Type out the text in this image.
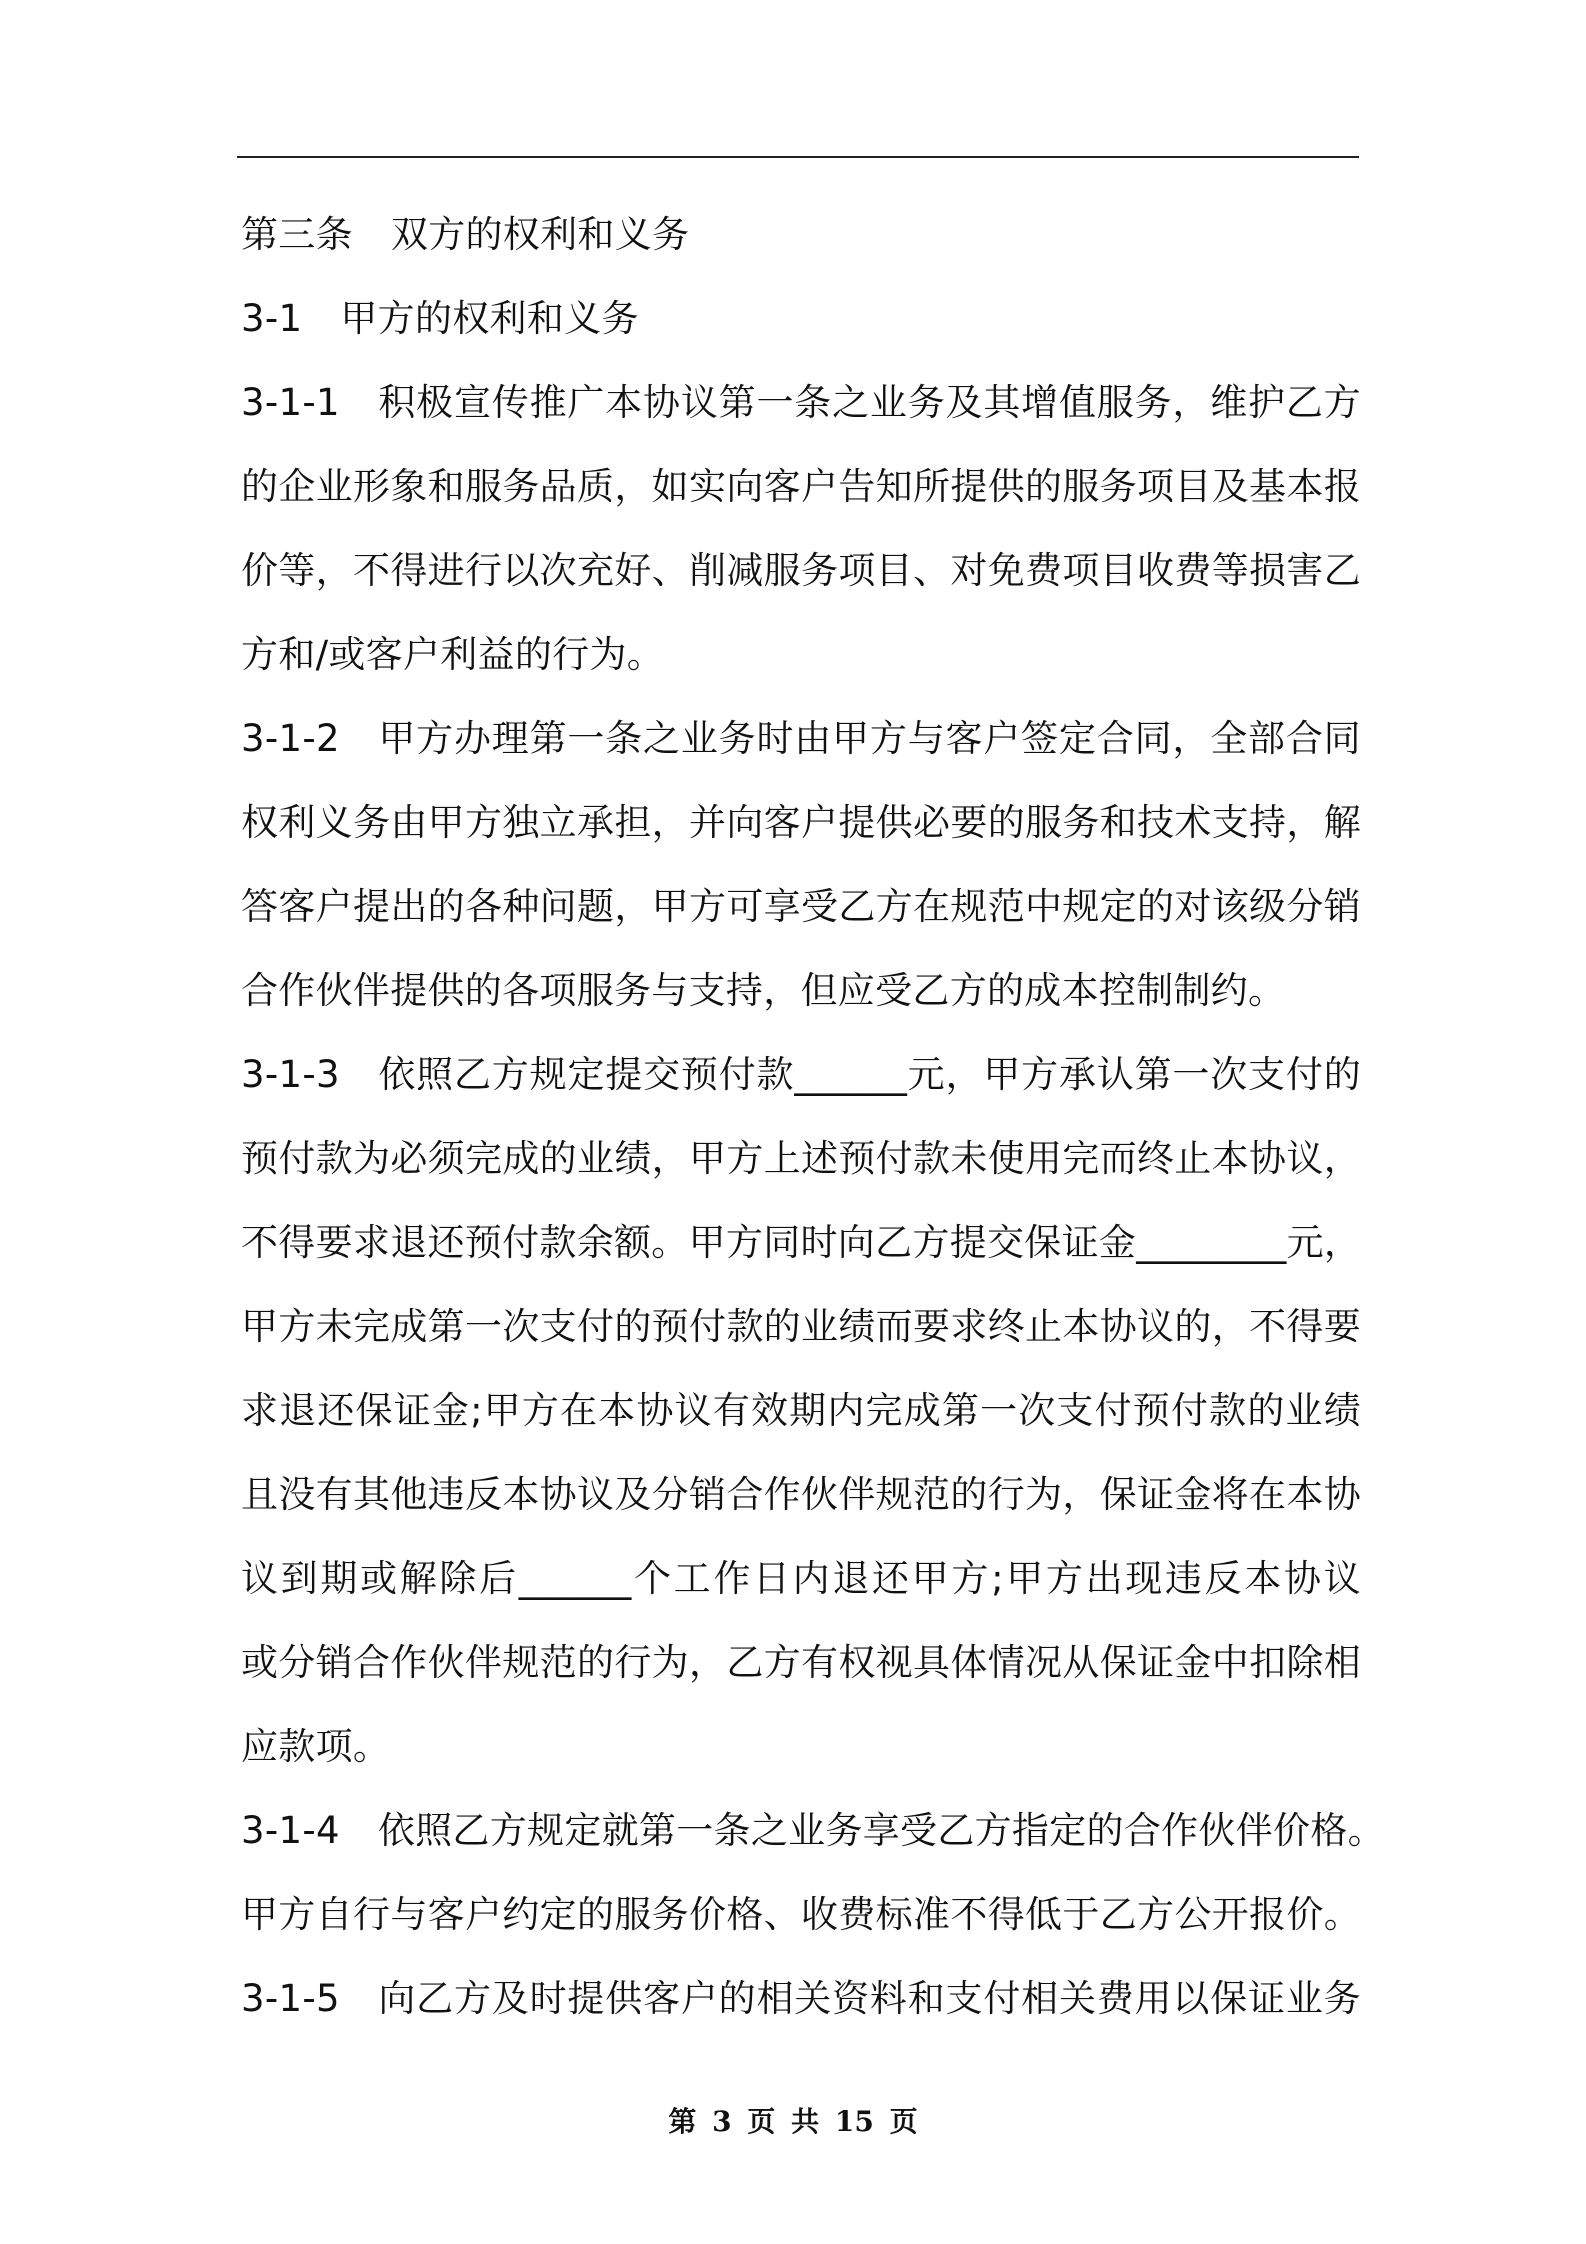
第三条 双方的权利和义务
3-1 甲方的权利和义务
3-1-1 积极宣传推广本协议第一条之业务及其增值服务，维护乙方
的企业形象和服务品质，如实向客户告知所提供的服务项目及基本报
价等，不得进行以次充好、削减服务项目、对免费项目收费等损害乙
方和/或客户利益的行为。
3-1-2 甲方办理第一条之业务时由甲方与客户签定合同，全部合同
权利义务由甲方独立承担，并向客户提供必要的服务和技术支持，解
答客户提出的各种问题，甲方可享受乙方在规范中规定的对该级分销
合作伙伴提供的各项服务与支持，但应受乙方的成本控制制约。
3-1-3 依照乙方规定提交预付款______元，甲方承认第一次支付的
预付款为必须完成的业绩，甲方上述预付款未使用完而终止本协议，
不得要求退还预付款余额。甲方同时向乙方提交保证金________元，
甲方未完成第一次支付的预付款的业绩而要求终止本协议的，不得要
求退还保证金;甲方在本协议有效期内完成第一次支付预付款的业绩
且没有其他违反本协议及分销合作伙伴规范的行为，保证金将在本协
议到期或解除后______个工作日内退还甲方;甲方出现违反本协议
或分销合作伙伴规范的行为，乙方有权视具体情况从保证金中扣除相
应款项。
3-1-4 依照乙方规定就第一条之业务享受乙方指定的合作伙伴价格。
甲方自行与客户约定的服务价格、收费标准不得低于乙方公开报价。
3-1-5 向乙方及时提供客户的相关资料和支付相关费用以保证业务
第 3 页 共 15 页
